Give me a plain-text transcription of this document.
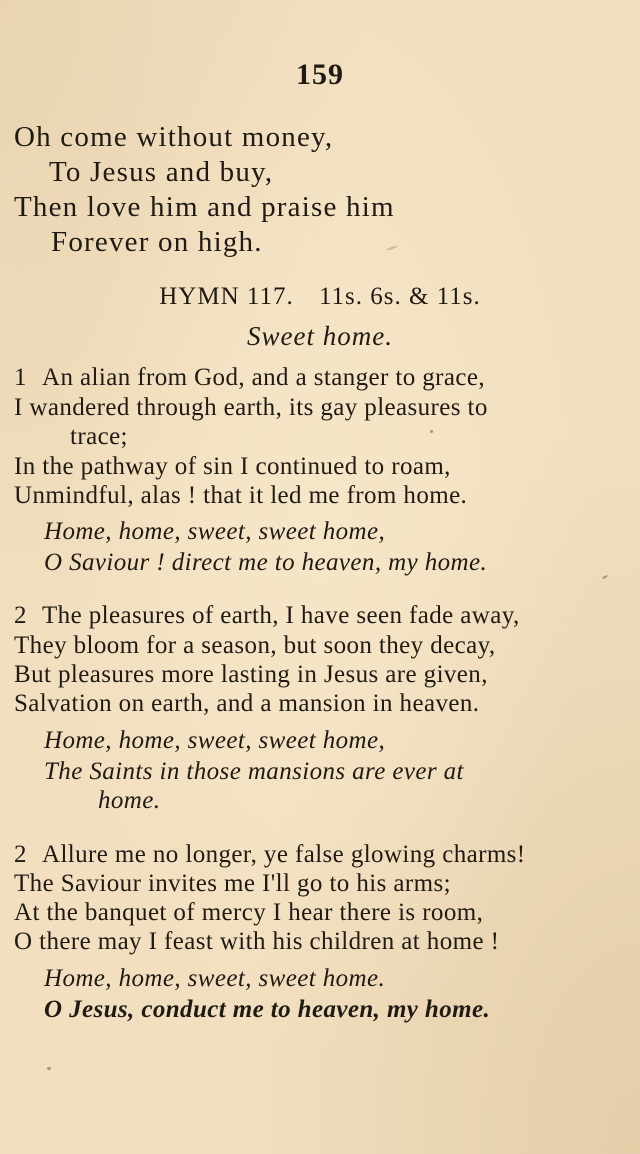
159
Oh come without money,
To Jesus and buy,
Then love him and praise him
Forever on high.
HYMN 117. 11s. 6s. & 11s.
Sweet home.
1 An alian from God, and a stanger to grace,
I wandered through earth, its gay pleasures to
trace;
In the pathway of sin I continued to roam,
Unmindful, alas ! that it led me from home.
Home, home, sweet, sweet home,
O Saviour ! direct me to heaven, my home.
2 The pleasures of earth, I have seen fade away,
They bloom for a season, but soon they decay,
But pleasures more lasting in Jesus are given,
Salvation on earth, and a mansion in heaven.
Home, home, sweet, sweet home,
The Saints in those mansions are ever at
home.
2 Allure me no longer, ye false glowing charms!
The Saviour invites me I'll go to his arms;
At the banquet of mercy I hear there is room,
O there may I feast with his children at home !
Home, home, sweet, sweet home.
O Jesus, conduct me to heaven, my home.
